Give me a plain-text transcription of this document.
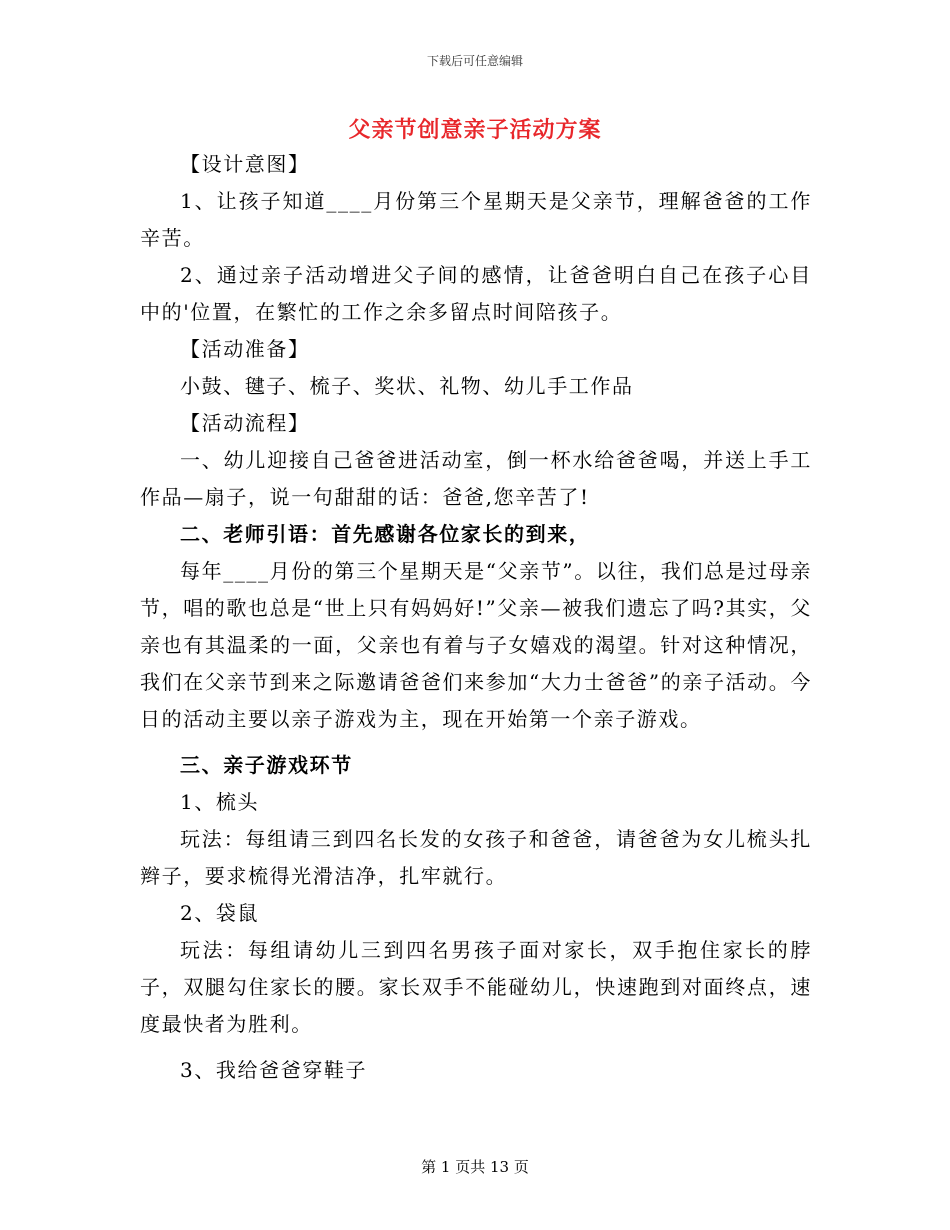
下载后可任意编辑
父亲节创意亲子活动方案

【设计意图】

1、让孩子知道____月份第三个星期天是父亲节，理解爸爸的工作辛苦。

2、通过亲子活动增进父子间的感情，让爸爸明白自己在孩子心目中的'位置，在繁忙的工作之余多留点时间陪孩子。

【活动准备】

小鼓、毽子、梳子、奖状、礼物、幼儿手工作品

【活动流程】

一、幼儿迎接自己爸爸进活动室，倒一杯水给爸爸喝，并送上手工作品—扇子，说一句甜甜的话：爸爸,您辛苦了!

二、老师引语：首先感谢各位家长的到来，

每年____月份的第三个星期天是“父亲节”。以往，我们总是过母亲节，唱的歌也总是“世上只有妈妈好!”父亲—被我们遗忘了吗?其实，父亲也有其温柔的一面，父亲也有着与子女嬉戏的渴望。针对这种情况，我们在父亲节到来之际邀请爸爸们来参加“大力士爸爸”的亲子活动。今日的活动主要以亲子游戏为主，现在开始第一个亲子游戏。

三、亲子游戏环节

1、梳头

玩法：每组请三到四名长发的女孩子和爸爸，请爸爸为女儿梳头扎辫子，要求梳得光滑洁净，扎牢就行。

2、袋鼠

玩法：每组请幼儿三到四名男孩子面对家长，双手抱住家长的脖子，双腿勾住家长的腰。家长双手不能碰幼儿，快速跑到对面终点，速度最快者为胜利。

3、我给爸爸穿鞋子

第 1 页共 13 页
